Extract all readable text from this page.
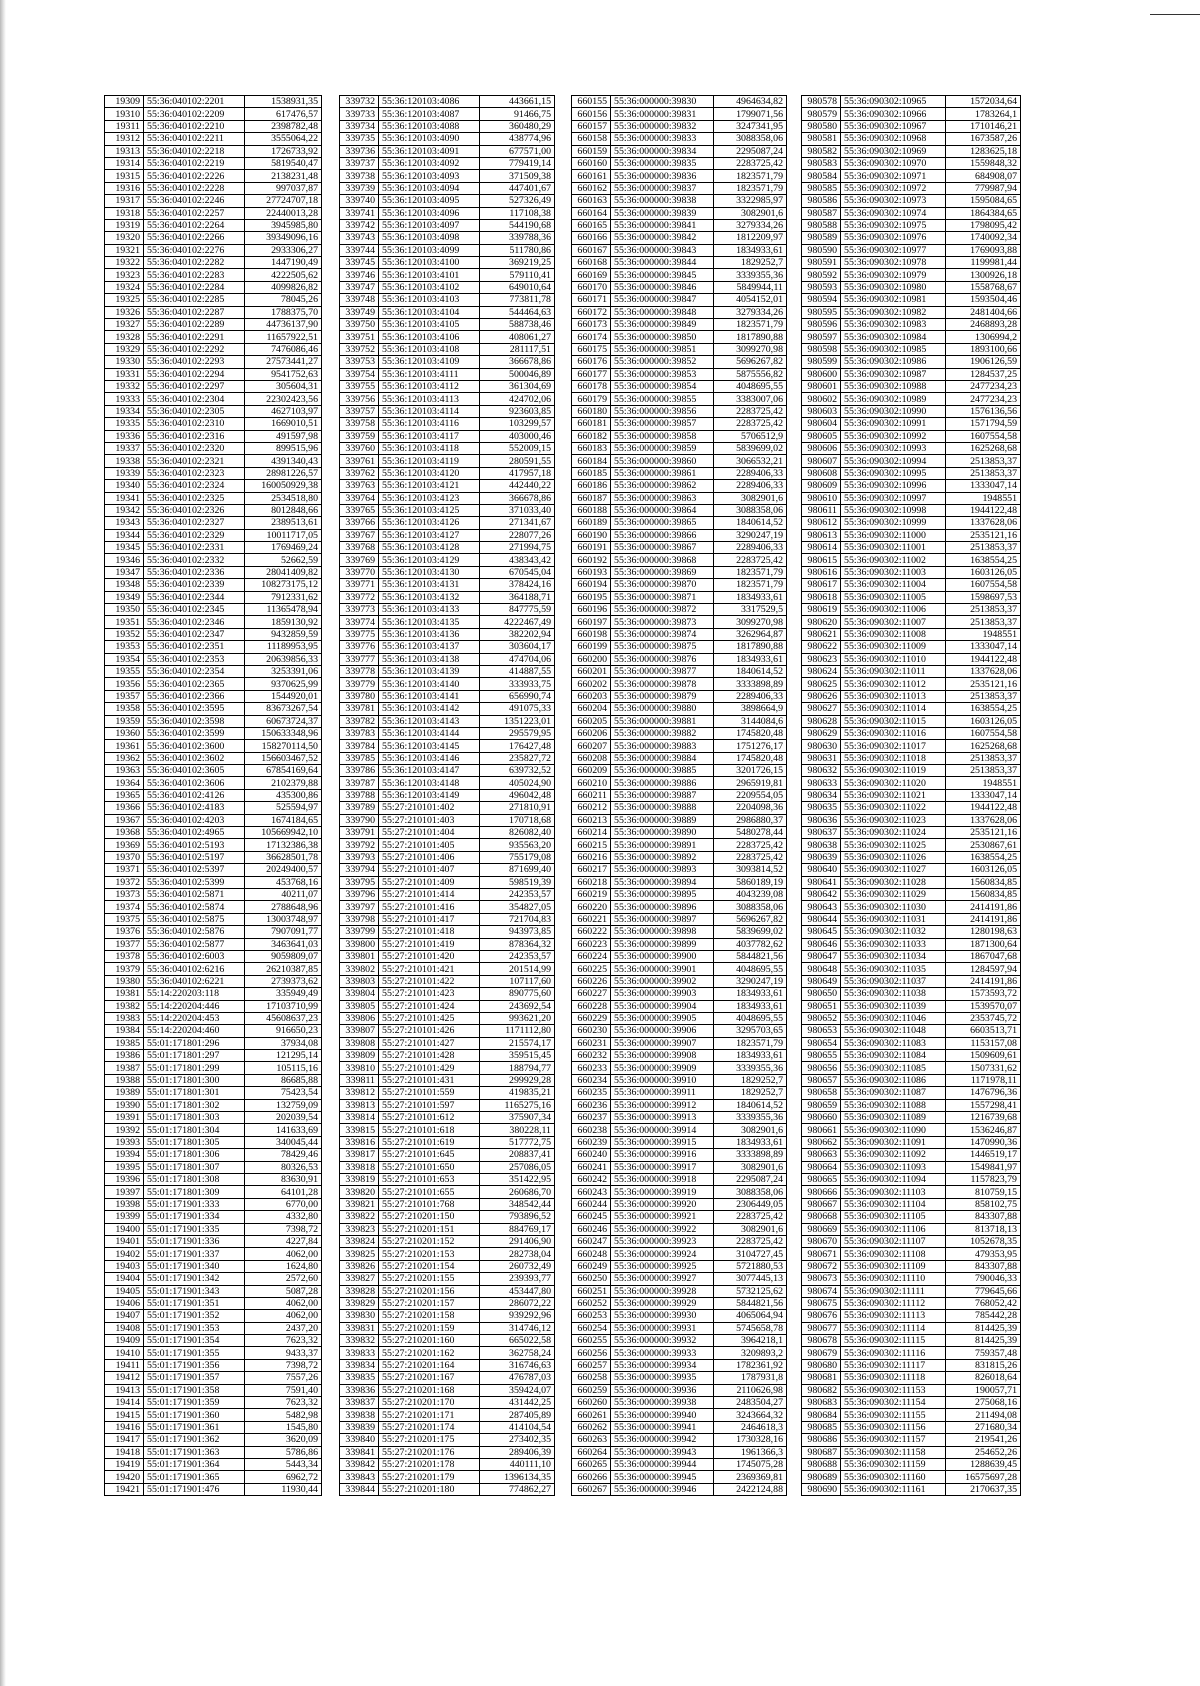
19309	55:36:040102:2201	1538931,35
19310	55:36:040102:2209	617476,57
19311	55:36:040102:2210	2398782,48
19312	55:36:040102:2211	3555064,22
19313	55:36:040102:2218	1726733,92
19314	55:36:040102:2219	5819540,47
19315	55:36:040102:2226	2138231,48
19316	55:36:040102:2228	997037,87
19317	55:36:040102:2246	27724707,18
19318	55:36:040102:2257	22440013,28
19319	55:36:040102:2264	3945985,80
19320	55:36:040102:2266	39349096,16
19321	55:36:040102:2276	2933306,27
19322	55:36:040102:2282	1447190,49
19323	55:36:040102:2283	4222505,62
19324	55:36:040102:2284	4099826,82
19325	55:36:040102:2285	78045,26
19326	55:36:040102:2287	1788375,70
19327	55:36:040102:2289	44736137,90
19328	55:36:040102:2291	11657922,51
19329	55:36:040102:2292	7476086,46
19330	55:36:040102:2293	27573441,27
19331	55:36:040102:2294	9541752,63
19332	55:36:040102:2297	305604,31
19333	55:36:040102:2304	22302423,56
19334	55:36:040102:2305	4627103,97
19335	55:36:040102:2310	1669010,51
19336	55:36:040102:2316	491597,98
19337	55:36:040102:2320	899515,96
19338	55:36:040102:2321	4391340,43
19339	55:36:040102:2323	28981226,57
19340	55:36:040102:2324	160050929,38
19341	55:36:040102:2325	2534518,80
19342	55:36:040102:2326	8012848,66
19343	55:36:040102:2327	2389513,61
19344	55:36:040102:2329	10011717,05
19345	55:36:040102:2331	1769469,24
19346	55:36:040102:2332	52662,59
19347	55:36:040102:2336	28041409,82
19348	55:36:040102:2339	108273175,12
19349	55:36:040102:2344	7912331,62
19350	55:36:040102:2345	11365478,94
19351	55:36:040102:2346	1859130,92
19352	55:36:040102:2347	9432859,59
19353	55:36:040102:2351	11189953,95
19354	55:36:040102:2353	20639856,33
19355	55:36:040102:2354	3253391,06
19356	55:36:040102:2365	9370625,99
19357	55:36:040102:2366	1544920,01
19358	55:36:040102:3595	83673267,54
19359	55:36:040102:3598	60673724,37
19360	55:36:040102:3599	150633348,96
19361	55:36:040102:3600	158270114,50
19362	55:36:040102:3602	156603467,52
19363	55:36:040102:3605	67854169,64
19364	55:36:040102:3606	2102379,88
19365	55:36:040102:4126	435300,86
19366	55:36:040102:4183	525594,97
19367	55:36:040102:4203	1674184,65
19368	55:36:040102:4965	105669942,10
19369	55:36:040102:5193	17132386,38
19370	55:36:040102:5197	36628501,78
19371	55:36:040102:5397	20249400,57
19372	55:36:040102:5399	453768,16
19373	55:36:040102:5871	40211,07
19374	55:36:040102:5874	2788648,96
19375	55:36:040102:5875	13003748,97
19376	55:36:040102:5876	7907091,77
19377	55:36:040102:5877	3463641,03
19378	55:36:040102:6003	9059809,07
19379	55:36:040102:6216	26210387,85
19380	55:36:040102:6221	2739373,62
19381	55:14:220203:118	335949,49
19382	55:14:220204:446	17103710,99
19383	55:14:220204:453	45608637,23
19384	55:14:220204:460	916650,23
19385	55:01:171801:296	37934,08
19386	55:01:171801:297	121295,14
19387	55:01:171801:299	105115,16
19388	55:01:171801:300	86685,88
19389	55:01:171801:301	75423,54
19390	55:01:171801:302	132759,09
19391	55:01:171801:303	202039,54
19392	55:01:171801:304	141633,69
19393	55:01:171801:305	340045,44
19394	55:01:171801:306	78429,46
19395	55:01:171801:307	80326,53
19396	55:01:171801:308	83630,91
19397	55:01:171801:309	64101,28
19398	55:01:171901:333	6770,00
19399	55:01:171901:334	4332,80
19400	55:01:171901:335	7398,72
19401	55:01:171901:336	4227,84
19402	55:01:171901:337	4062,00
19403	55:01:171901:340	1624,80
19404	55:01:171901:342	2572,60
19405	55:01:171901:343	5087,28
19406	55:01:171901:351	4062,00
19407	55:01:171901:352	4062,00
19408	55:01:171901:353	2437,20
19409	55:01:171901:354	7623,32
19410	55:01:171901:355	9433,37
19411	55:01:171901:356	7398,72
19412	55:01:171901:357	7557,26
19413	55:01:171901:358	7591,40
19414	55:01:171901:359	7623,32
19415	55:01:171901:360	5482,98
19416	55:01:171901:361	1545,80
19417	55:01:171901:362	3620,09
19418	55:01:171901:363	5786,86
19419	55:01:171901:364	5443,34
19420	55:01:171901:365	6962,72
19421	55:01:171901:476	11930,44
339732	55:36:120103:4086	443661,15
339733	55:36:120103:4087	91466,75
339734	55:36:120103:4088	360480,29
339735	55:36:120103:4090	438774,96
339736	55:36:120103:4091	677571,00
339737	55:36:120103:4092	779419,14
339738	55:36:120103:4093	371509,38
339739	55:36:120103:4094	447401,67
339740	55:36:120103:4095	527326,49
339741	55:36:120103:4096	117108,38
339742	55:36:120103:4097	544190,68
339743	55:36:120103:4098	339788,36
339744	55:36:120103:4099	511780,86
339745	55:36:120103:4100	369219,25
339746	55:36:120103:4101	579110,41
339747	55:36:120103:4102	649010,64
339748	55:36:120103:4103	773811,78
339749	55:36:120103:4104	544464,63
339750	55:36:120103:4105	588738,46
339751	55:36:120103:4106	408061,27
339752	55:36:120103:4108	281117,51
339753	55:36:120103:4109	366678,86
339754	55:36:120103:4111	500046,89
339755	55:36:120103:4112	361304,69
339756	55:36:120103:4113	424702,06
339757	55:36:120103:4114	923603,85
339758	55:36:120103:4116	103299,57
339759	55:36:120103:4117	403000,46
339760	55:36:120103:4118	552009,15
339761	55:36:120103:4119	280591,55
339762	55:36:120103:4120	417957,18
339763	55:36:120103:4121	442440,22
339764	55:36:120103:4123	366678,86
339765	55:36:120103:4125	371033,40
339766	55:36:120103:4126	271341,67
339767	55:36:120103:4127	228077,26
339768	55:36:120103:4128	271994,75
339769	55:36:120103:4129	438343,42
339770	55:36:120103:4130	670545,04
339771	55:36:120103:4131	378424,16
339772	55:36:120103:4132	364188,71
339773	55:36:120103:4133	847775,59
339774	55:36:120103:4135	4222467,49
339775	55:36:120103:4136	382202,94
339776	55:36:120103:4137	303604,17
339777	55:36:120103:4138	474704,06
339778	55:36:120103:4139	414887,55
339779	55:36:120103:4140	333933,75
339780	55:36:120103:4141	656990,74
339781	55:36:120103:4142	491075,33
339782	55:36:120103:4143	1351223,01
339783	55:36:120103:4144	295579,95
339784	55:36:120103:4145	176427,48
339785	55:36:120103:4146	235827,72
339786	55:36:120103:4147	639732,52
339787	55:36:120103:4148	405024,90
339788	55:36:120103:4149	496042,48
339789	55:27:210101:402	271810,91
339790	55:27:210101:403	170718,68
339791	55:27:210101:404	826082,40
339792	55:27:210101:405	935563,20
339793	55:27:210101:406	755179,08
339794	55:27:210101:407	871699,40
339795	55:27:210101:409	598519,39
339796	55:27:210101:414	242353,57
339797	55:27:210101:416	354827,05
339798	55:27:210101:417	721704,83
339799	55:27:210101:418	943973,85
339800	55:27:210101:419	878364,32
339801	55:27:210101:420	242353,57
339802	55:27:210101:421	201514,99
339803	55:27:210101:422	107117,60
339804	55:27:210101:423	890775,60
339805	55:27:210101:424	243692,54
339806	55:27:210101:425	993621,20
339807	55:27:210101:426	1171112,80
339808	55:27:210101:427	215574,17
339809	55:27:210101:428	359515,45
339810	55:27:210101:429	188794,77
339811	55:27:210101:431	299929,28
339812	55:27:210101:559	419835,21
339813	55:27:210101:597	1165275,16
339814	55:27:210101:612	375907,34
339815	55:27:210101:618	380228,11
339816	55:27:210101:619	517772,75
339817	55:27:210101:645	208837,41
339818	55:27:210101:650	257086,05
339819	55:27:210101:653	351422,95
339820	55:27:210101:655	260686,70
339821	55:27:210101:768	348542,44
339822	55:27:210201:150	793896,52
339823	55:27:210201:151	884769,17
339824	55:27:210201:152	291406,90
339825	55:27:210201:153	282738,04
339826	55:27:210201:154	260732,49
339827	55:27:210201:155	239393,77
339828	55:27:210201:156	453447,80
339829	55:27:210201:157	286072,22
339830	55:27:210201:158	939292,96
339831	55:27:210201:159	314746,12
339832	55:27:210201:160	665022,58
339833	55:27:210201:162	362758,24
339834	55:27:210201:164	316746,63
339835	55:27:210201:167	476787,03
339836	55:27:210201:168	359424,07
339837	55:27:210201:170	431442,25
339838	55:27:210201:171	287405,89
339839	55:27:210201:174	414104,54
339840	55:27:210201:175	273402,35
339841	55:27:210201:176	289406,39
339842	55:27:210201:178	440111,10
339843	55:27:210201:179	1396134,35
339844	55:27:210201:180	774862,27
660155	55:36:000000:39830	4964634,82
660156	55:36:000000:39831	1799071,56
660157	55:36:000000:39832	3247341,95
660158	55:36:000000:39833	3088358,06
660159	55:36:000000:39834	2295087,24
660160	55:36:000000:39835	2283725,42
660161	55:36:000000:39836	1823571,79
660162	55:36:000000:39837	1823571,79
660163	55:36:000000:39838	3322985,97
660164	55:36:000000:39839	3082901,6
660165	55:36:000000:39841	3279334,26
660166	55:36:000000:39842	1812209,97
660167	55:36:000000:39843	1834933,61
660168	55:36:000000:39844	1829252,7
660169	55:36:000000:39845	3339355,36
660170	55:36:000000:39846	5849944,11
660171	55:36:000000:39847	4054152,01
660172	55:36:000000:39848	3279334,26
660173	55:36:000000:39849	1823571,79
660174	55:36:000000:39850	1817890,88
660175	55:36:000000:39851	3099270,98
660176	55:36:000000:39852	5696267,82
660177	55:36:000000:39853	5875556,82
660178	55:36:000000:39854	4048695,55
660179	55:36:000000:39855	3383007,06
660180	55:36:000000:39856	2283725,42
660181	55:36:000000:39857	2283725,42
660182	55:36:000000:39858	5706512,9
660183	55:36:000000:39859	5839699,02
660184	55:36:000000:39860	3066532,21
660185	55:36:000000:39861	2289406,33
660186	55:36:000000:39862	2289406,33
660187	55:36:000000:39863	3082901,6
660188	55:36:000000:39864	3088358,06
660189	55:36:000000:39865	1840614,52
660190	55:36:000000:39866	3290247,19
660191	55:36:000000:39867	2289406,33
660192	55:36:000000:39868	2283725,42
660193	55:36:000000:39869	1823571,79
660194	55:36:000000:39870	1823571,79
660195	55:36:000000:39871	1834933,61
660196	55:36:000000:39872	3317529,5
660197	55:36:000000:39873	3099270,98
660198	55:36:000000:39874	3262964,87
660199	55:36:000000:39875	1817890,88
660200	55:36:000000:39876	1834933,61
660201	55:36:000000:39877	1840614,52
660202	55:36:000000:39878	3333898,89
660203	55:36:000000:39879	2289406,33
660204	55:36:000000:39880	3898664,9
660205	55:36:000000:39881	3144084,6
660206	55:36:000000:39882	1745820,48
660207	55:36:000000:39883	1751276,17
660208	55:36:000000:39884	1745820,48
660209	55:36:000000:39885	3201726,15
660210	55:36:000000:39886	2965919,81
660211	55:36:000000:39887	2209554,05
660212	55:36:000000:39888	2204098,36
660213	55:36:000000:39889	2986880,37
660214	55:36:000000:39890	5480278,44
660215	55:36:000000:39891	2283725,42
660216	55:36:000000:39892	2283725,42
660217	55:36:000000:39893	3093814,52
660218	55:36:000000:39894	5860189,19
660219	55:36:000000:39895	4043239,08
660220	55:36:000000:39896	3088358,06
660221	55:36:000000:39897	5696267,82
660222	55:36:000000:39898	5839699,02
660223	55:36:000000:39899	4037782,62
660224	55:36:000000:39900	5844821,56
660225	55:36:000000:39901	4048695,55
660226	55:36:000000:39902	3290247,19
660227	55:36:000000:39903	1834933,61
660228	55:36:000000:39904	1834933,61
660229	55:36:000000:39905	4048695,55
660230	55:36:000000:39906	3295703,65
660231	55:36:000000:39907	1823571,79
660232	55:36:000000:39908	1834933,61
660233	55:36:000000:39909	3339355,36
660234	55:36:000000:39910	1829252,7
660235	55:36:000000:39911	1829252,7
660236	55:36:000000:39912	1840614,52
660237	55:36:000000:39913	3339355,36
660238	55:36:000000:39914	3082901,6
660239	55:36:000000:39915	1834933,61
660240	55:36:000000:39916	3333898,89
660241	55:36:000000:39917	3082901,6
660242	55:36:000000:39918	2295087,24
660243	55:36:000000:39919	3088358,06
660244	55:36:000000:39920	2306449,05
660245	55:36:000000:39921	2283725,42
660246	55:36:000000:39922	3082901,6
660247	55:36:000000:39923	2283725,42
660248	55:36:000000:39924	3104727,45
660249	55:36:000000:39925	5721880,53
660250	55:36:000000:39927	3077445,13
660251	55:36:000000:39928	5732125,62
660252	55:36:000000:39929	5844821,56
660253	55:36:000000:39930	4065064,94
660254	55:36:000000:39931	5745658,78
660255	55:36:000000:39932	3964218,1
660256	55:36:000000:39933	3209893,2
660257	55:36:000000:39934	1782361,92
660258	55:36:000000:39935	1787931,8
660259	55:36:000000:39936	2110626,98
660260	55:36:000000:39938	2483504,27
660261	55:36:000000:39940	3243664,32
660262	55:36:000000:39941	2464618,3
660263	55:36:000000:39942	1730328,16
660264	55:36:000000:39943	1961366,3
660265	55:36:000000:39944	1745075,28
660266	55:36:000000:39945	2369369,81
660267	55:36:000000:39946	2422124,88
980578	55:36:090302:10965	1572034,64
980579	55:36:090302:10966	1783264,1
980580	55:36:090302:10967	1710146,21
980581	55:36:090302:10968	1673587,26
980582	55:36:090302:10969	1283625,18
980583	55:36:090302:10970	1559848,32
980584	55:36:090302:10971	684908,07
980585	55:36:090302:10972	779987,94
980586	55:36:090302:10973	1595084,65
980587	55:36:090302:10974	1864384,65
980588	55:36:090302:10975	1798095,42
980589	55:36:090302:10976	1740092,34
980590	55:36:090302:10977	1769093,88
980591	55:36:090302:10978	1199981,44
980592	55:36:090302:10979	1300926,18
980593	55:36:090302:10980	1558768,67
980594	55:36:090302:10981	1593504,46
980595	55:36:090302:10982	2481404,66
980596	55:36:090302:10983	2468893,28
980597	55:36:090302:10984	1306994,2
980598	55:36:090302:10985	1893100,66
980599	55:36:090302:10986	1906126,59
980600	55:36:090302:10987	1284537,25
980601	55:36:090302:10988	2477234,23
980602	55:36:090302:10989	2477234,23
980603	55:36:090302:10990	1576136,56
980604	55:36:090302:10991	1571794,59
980605	55:36:090302:10992	1607554,58
980606	55:36:090302:10993	1625268,68
980607	55:36:090302:10994	2513853,37
980608	55:36:090302:10995	2513853,37
980609	55:36:090302:10996	1333047,14
980610	55:36:090302:10997	1948551
980611	55:36:090302:10998	1944122,48
980612	55:36:090302:10999	1337628,06
980613	55:36:090302:11000	2535121,16
980614	55:36:090302:11001	2513853,37
980615	55:36:090302:11002	1638554,25
980616	55:36:090302:11003	1603126,05
980617	55:36:090302:11004	1607554,58
980618	55:36:090302:11005	1598697,53
980619	55:36:090302:11006	2513853,37
980620	55:36:090302:11007	2513853,37
980621	55:36:090302:11008	1948551
980622	55:36:090302:11009	1333047,14
980623	55:36:090302:11010	1944122,48
980624	55:36:090302:11011	1337628,06
980625	55:36:090302:11012	2535121,16
980626	55:36:090302:11013	2513853,37
980627	55:36:090302:11014	1638554,25
980628	55:36:090302:11015	1603126,05
980629	55:36:090302:11016	1607554,58
980630	55:36:090302:11017	1625268,68
980631	55:36:090302:11018	2513853,37
980632	55:36:090302:11019	2513853,37
980633	55:36:090302:11020	1948551
980634	55:36:090302:11021	1333047,14
980635	55:36:090302:11022	1944122,48
980636	55:36:090302:11023	1337628,06
980637	55:36:090302:11024	2535121,16
980638	55:36:090302:11025	2530867,61
980639	55:36:090302:11026	1638554,25
980640	55:36:090302:11027	1603126,05
980641	55:36:090302:11028	1560834,85
980642	55:36:090302:11029	1560834,85
980643	55:36:090302:11030	2414191,86
980644	55:36:090302:11031	2414191,86
980645	55:36:090302:11032	1280198,63
980646	55:36:090302:11033	1871300,64
980647	55:36:090302:11034	1867047,68
980648	55:36:090302:11035	1284597,94
980649	55:36:090302:11037	2414191,86
980650	55:36:090302:11038	1573593,72
980651	55:36:090302:11039	1539570,07
980652	55:36:090302:11046	2353745,72
980653	55:36:090302:11048	6603513,71
980654	55:36:090302:11083	1153157,08
980655	55:36:090302:11084	1509609,61
980656	55:36:090302:11085	1507331,62
980657	55:36:090302:11086	1171978,11
980658	55:36:090302:11087	1476796,36
980659	55:36:090302:11088	1557298,41
980660	55:36:090302:11089	1216739,68
980661	55:36:090302:11090	1536246,87
980662	55:36:090302:11091	1470990,36
980663	55:36:090302:11092	1446519,17
980664	55:36:090302:11093	1549841,97
980665	55:36:090302:11094	1157823,79
980666	55:36:090302:11103	810759,15
980667	55:36:090302:11104	858102,75
980668	55:36:090302:11105	843307,88
980669	55:36:090302:11106	813718,13
980670	55:36:090302:11107	1052678,35
980671	55:36:090302:11108	479353,95
980672	55:36:090302:11109	843307,88
980673	55:36:090302:11110	790046,33
980674	55:36:090302:11111	779645,66
980675	55:36:090302:11112	768052,42
980676	55:36:090302:11113	785442,28
980677	55:36:090302:11114	814425,39
980678	55:36:090302:11115	814425,39
980679	55:36:090302:11116	759357,48
980680	55:36:090302:11117	831815,26
980681	55:36:090302:11118	826018,64
980682	55:36:090302:11153	190057,71
980683	55:36:090302:11154	275068,16
980684	55:36:090302:11155	211494,08
980685	55:36:090302:11156	271680,34
980686	55:36:090302:11157	219541,26
980687	55:36:090302:11158	254652,26
980688	55:36:090302:11159	1288639,45
980689	55:36:090302:11160	16575697,28
980690	55:36:090302:11161	2170637,35
